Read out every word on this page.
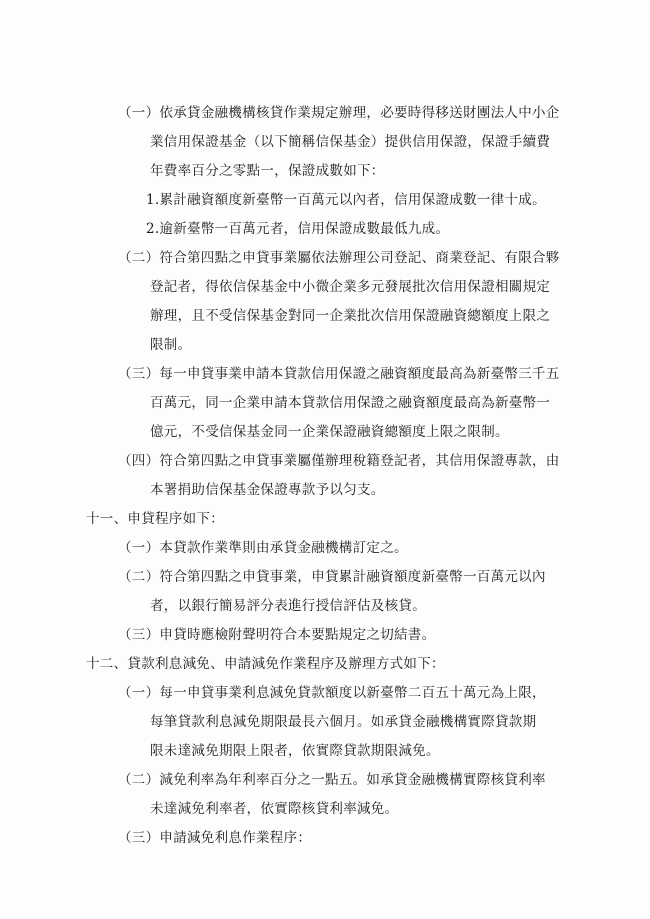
（一）依承貸金融機構核貸作業規定辦理，必要時得移送財團法人中小企
業信用保證基金（以下簡稱信保基金）提供信用保證，保證手續費
年費率百分之零點一，保證成數如下：
1.累計融資額度新臺幣一百萬元以內者，信用保證成數一律十成。
2.逾新臺幣一百萬元者，信用保證成數最低九成。
（二）符合第四點之申貸事業屬依法辦理公司登記、商業登記、有限合夥
登記者，得依信保基金中小微企業多元發展批次信用保證相關規定
辦理，且不受信保基金對同一企業批次信用保證融資總額度上限之
限制。
（三）每一申貸事業申請本貸款信用保證之融資額度最高為新臺幣三千五
百萬元，同一企業申請本貸款信用保證之融資額度最高為新臺幣一
億元，不受信保基金同一企業保證融資總額度上限之限制。
（四）符合第四點之申貸事業屬僅辦理稅籍登記者，其信用保證專款，由
本署捐助信保基金保證專款予以匀支。
十一、申貸程序如下：
（一）本貸款作業準則由承貸金融機構訂定之。
（二）符合第四點之申貸事業，申貸累計融資額度新臺幣一百萬元以內
者，以銀行簡易評分表進行授信評估及核貸。
（三）申貸時應檢附聲明符合本要點規定之切結書。
十二、貸款利息減免、申請減免作業程序及辦理方式如下：
（一）每一申貸事業利息減免貸款額度以新臺幣二百五十萬元為上限，
每筆貸款利息減免期限最長六個月。如承貸金融機構實際貸款期
限未達減免期限上限者，依實際貸款期限減免。
（二）減免利率為年利率百分之一點五。如承貸金融機構實際核貸利率
未達減免利率者，依實際核貸利率減免。
（三）申請減免利息作業程序：
